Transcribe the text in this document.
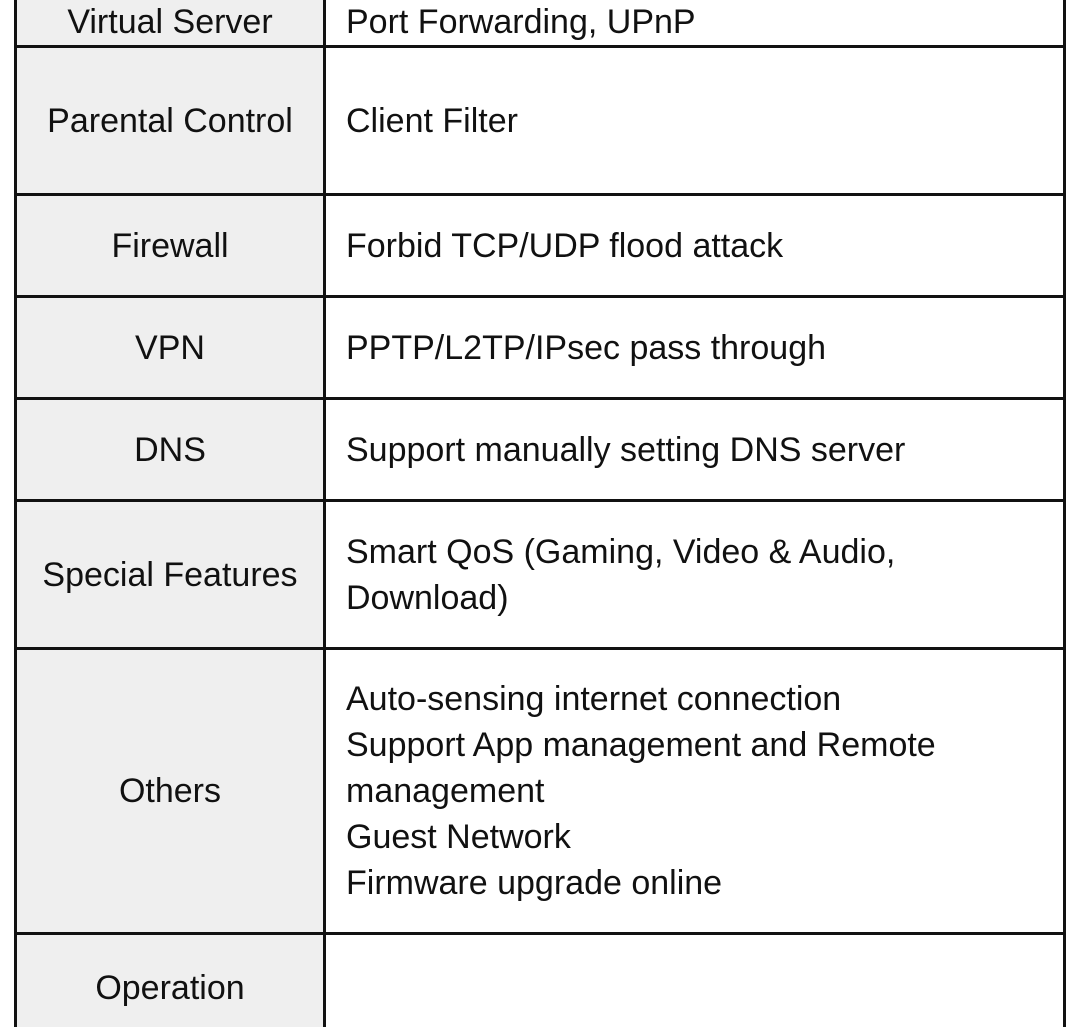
Virtual Server	Port Forwarding, UPnP

Parental Control	Client Filter

Firewall	Forbid TCP/UDP flood attack

VPN	PPTP/L2TP/IPsec pass through

DNS	Support manually setting DNS server

Special Features	Smart QoS (Gaming, Video & Audio, Download)

Others	Auto-sensing internet connection
Support App management and Remote management
Guest Network
Firmware upgrade online

Operation	
